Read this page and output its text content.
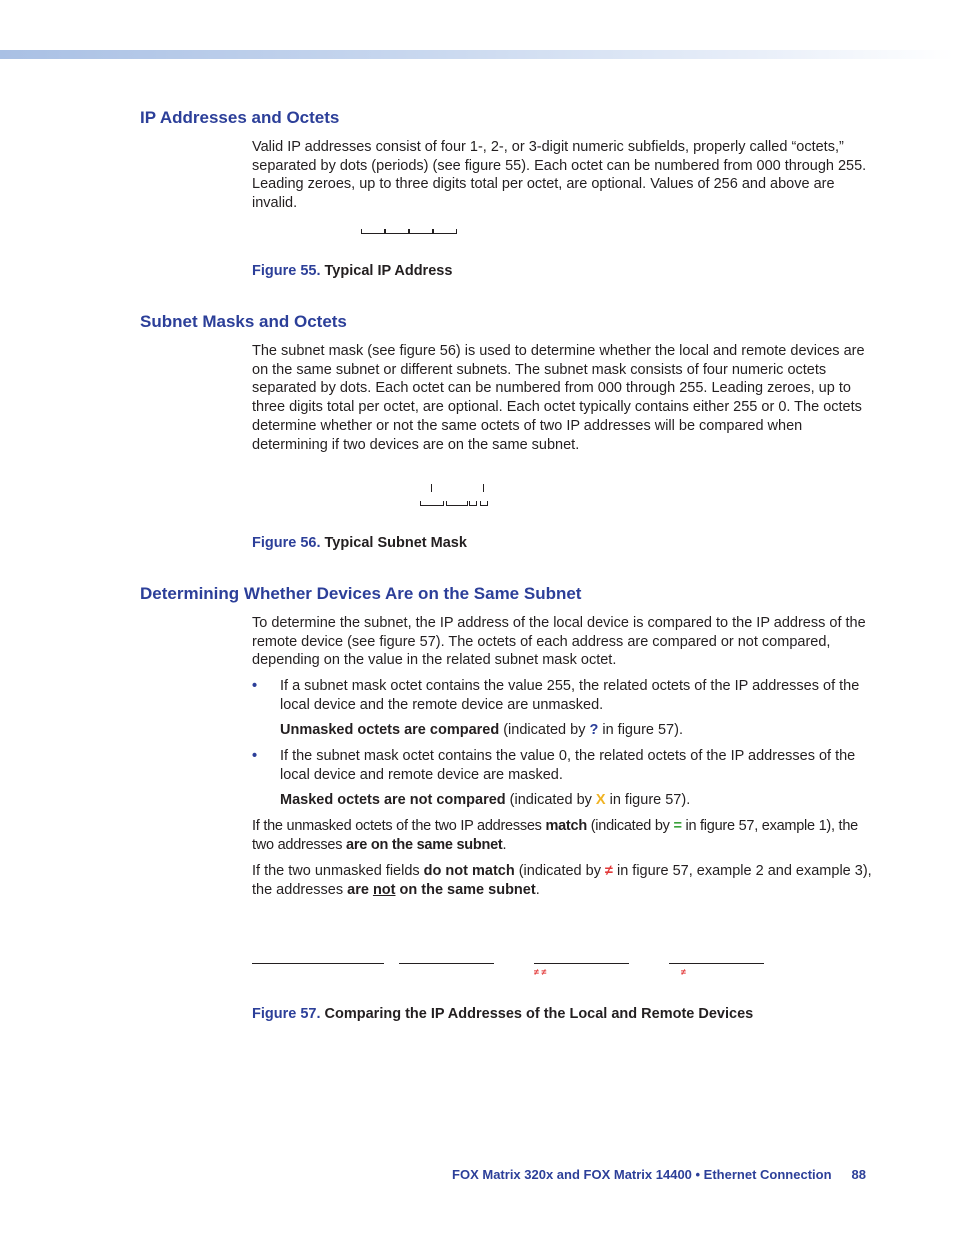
IP Addresses and Octets

Valid IP addresses consist of four 1-, 2-, or 3-digit numeric subfields, properly called “octets,” separated by dots (periods) (see figure 55). Each octet can be numbered from 000 through 255. Leading zeroes, up to three digits total per octet, are optional. Values of 256 and above are invalid.

Figure 55. Typical IP Address

Subnet Masks and Octets

The subnet mask (see figure 56) is used to determine whether the local and remote devices are on the same subnet or different subnets. The subnet mask consists of four numeric octets separated by dots. Each octet can be numbered from 000 through 255. Leading zeroes, up to three digits total per octet, are optional. Each octet typically contains either 255 or 0. The octets determine whether or not the same octets of two IP addresses will be compared when determining if two devices are on the same subnet.

Figure 56. Typical Subnet Mask

Determining Whether Devices Are on the Same Subnet

To determine the subnet, the IP address of the local device is compared to the IP address of the remote device (see figure 57). The octets of each address are compared or not compared, depending on the value in the related subnet mask octet.

• If a subnet mask octet contains the value 255, the related octets of the IP addresses of the local device and the remote device are unmasked.

Unmasked octets are compared (indicated by ? in figure 57).

• If the subnet mask octet contains the value 0, the related octets of the IP addresses of the local device and remote device are masked.

Masked octets are not compared (indicated by X in figure 57).

If the unmasked octets of the two IP addresses match (indicated by = in figure 57, example 1), the two addresses are on the same subnet.

If the two unmasked fields do not match (indicated by ≠ in figure 57, example 2 and example 3), the addresses are not on the same subnet.

≠ ≠	≠

Figure 57. Comparing the IP Addresses of the Local and Remote Devices

FOX Matrix 320x and FOX Matrix 14400 • Ethernet Connection 88
